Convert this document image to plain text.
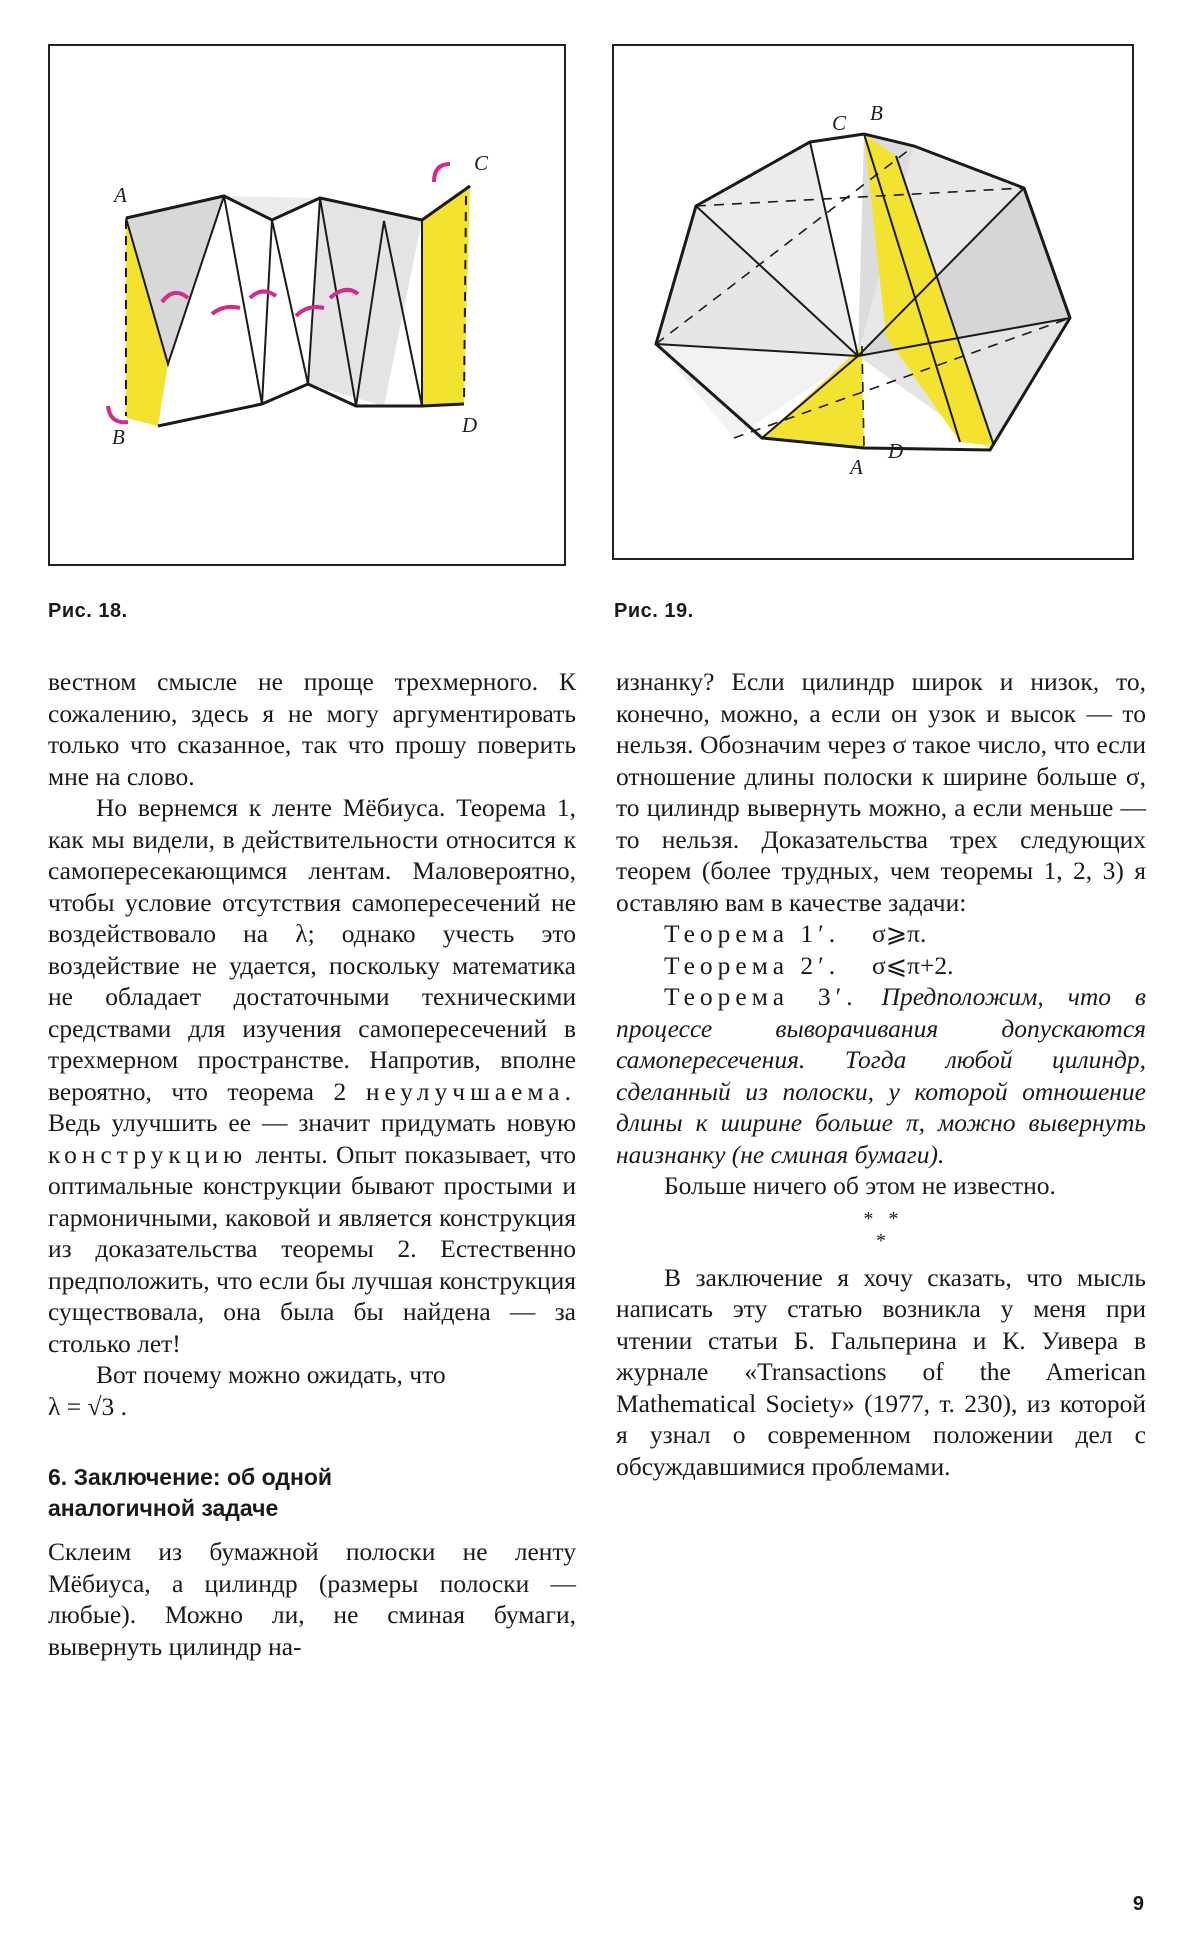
A
B
C
D
C B
A
D
Рис. 18.	Рис. 19.

вестном смысле не проще трехмерного. К сожалению, здесь я не могу аргументировать только что сказанное, так что прошу поверить мне на слово.

Но вернемся к ленте Мёбиуса. Теорема 1, как мы видели, в действительности относится к самопересекающимся лентам. Маловероятно, чтобы условие отсутствия самопересечений не воздействовало на λ; однако учесть это воздействие не удается, поскольку математика не обладает достаточными техническими средствами для изучения самопересечений в трехмерном пространстве. Напротив, вполне вероятно, что теорема 2 неулучшаема. Ведь улучшить ее — значит придумать новую конструкцию ленты. Опыт показывает, что оптимальные конструкции бывают простыми и гармоничными, каковой и является конструкция из доказательства теоремы 2. Естественно предположить, что если бы лучшая конструкция существовала, она была бы найдена — за столько лет!

Вот почему можно ожидать, что

λ = √3 .

6. Заключение: об одной
аналогичной задаче

Склеим из бумажной полоски не ленту Мёбиуса, а цилиндр (размеры полоски — любые). Можно ли, не сминая бумаги, вывернуть цилиндр на-

изнанку? Если цилиндр широк и низок, то, конечно, можно, а если он узок и высок — то нельзя. Обозначим через σ такое число, что если отношение длины полоски к ширине больше σ, то цилиндр вывернуть можно, а если меньше — то нельзя. Доказательства трех следующих теорем (более трудных, чем теоремы 1, 2, 3) я оставляю вам в качестве задачи:

Теорема 1′. σ⩾π.

Теорема 2′. σ⩽π+2.

Теорема 3′. Предположим, что в процессе выворачивания допускаются самопересечения. Тогда любой цилиндр, сделанный из полоски, у которой отношение длины к ширине больше π, можно вывернуть наизнанку (не сминая бумаги).

Больше ничего об этом не известно.

*   *
*

В заключение я хочу сказать, что мысль написать эту статью возникла у меня при чтении статьи Б. Гальперина и К. Уивера в журнале «Transactions of the American Mathematical Society» (1977, т. 230), из которой я узнал о современном положении дел с обсуждавшимися проблемами.

9
